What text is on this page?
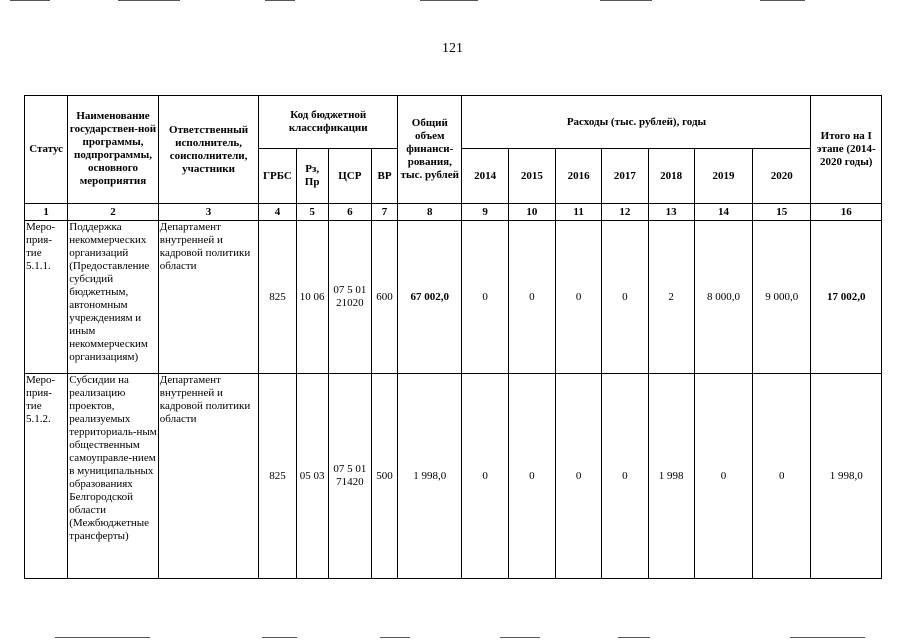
121
Статус	Наименование государствен-ной программы, подпрограммы, основного мероприятия	Ответственный исполнитель, соисполнители, участники	Код бюджетной классификации				Общий объем финанси-рования, тыс. рублей	Расходы (тыс. рублей), годы							Итого на I этапе (2014-2020 годы)
			ГРБС	Рз, Пр	ЦСР	ВР		2014	2015	2016	2017	2018	2019	2020	
1	2	3	4	5	6	7	8	9	10	11	12	13	14	15	16
Меро-прия-тие 5.1.1.	Поддержка некоммерческих организаций (Предоставление субсидий бюджетным, автономным учреждениям и иным некоммерческим организациям)	Департамент внутренней и кадровой политики области	825	10 06	07 5 01 21020	600	67 002,0	0	0	0	0	2	8 000,0	9 000,0	17 002,0
Меро-прия-тие 5.1.2.	Субсидии на реализацию проектов, реализуемых территориаль-ным общественным самоуправле-нием в муниципальных образованиях Белгородской области (Межбюджетные трансферты)	Департамент внутренней и кадровой политики области	825	05 03	07 5 01 71420	500	1 998,0	0	0	0	0	1 998	0	0	1 998,0
